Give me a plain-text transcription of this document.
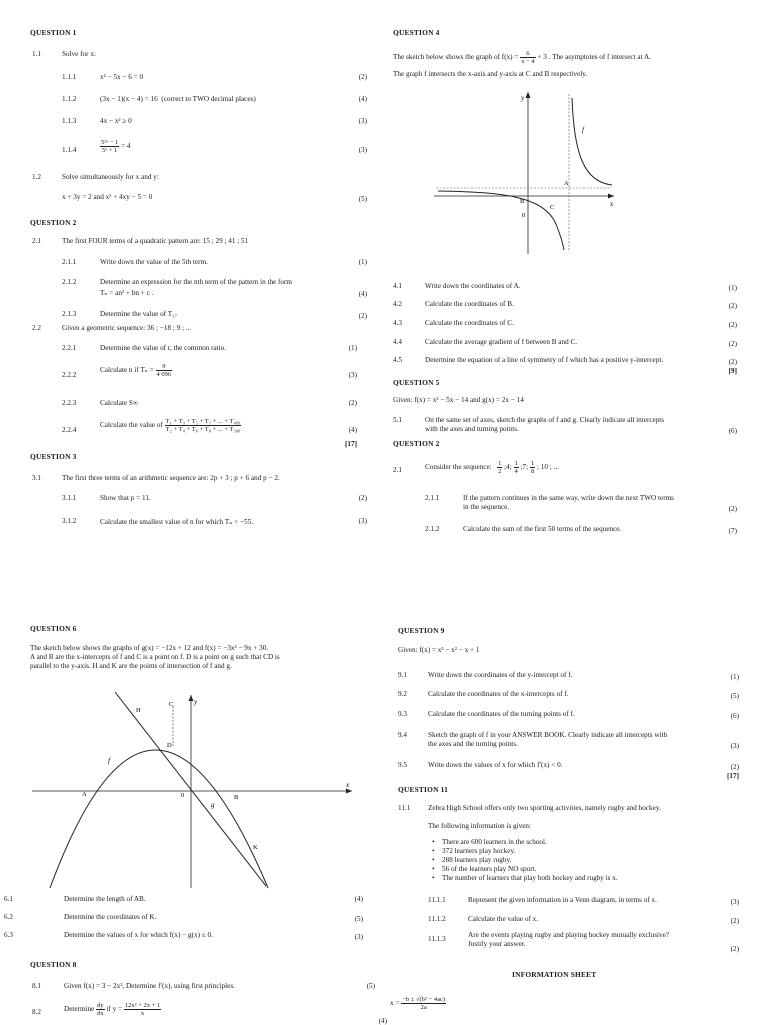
QUESTION 1
1.1	Solve for x:
1.1.1	x² − 5x − 6 = 0	(2)
1.1.2	(3x − 1)(x − 4) = 16 (correct to TWO decimal places)	(4)
1.1.3	4x − x² ≥ 0	(3)
1.1.4	$\frac{\text{5²ˣ − 1}}{\text{5ˣ + 1}} = 4$	(3)
1.2	Solve simultaneously for x and y:
x + 3y = 2 and x² + 4xy − 5 = 0	(5)
QUESTION 2
2.1	The first FOUR terms of a quadratic pattern are: 15 ; 29 ; 41 ; 51
2.1.1	Write down the value of the 5th term.	(1)
2.1.2	Determine an expression for the nth term of the pattern in the form
Tₙ = an² + bn + c .	(4)
2.1.3	Determine the value of T₁₇	(2)
2.2	Given a geometric sequence: 36 ; −18 ; 9 ; ...
2.2.1	Determine the value of r, the common ratio.	(1)
2.2.2
Calculate n if $T_n = \frac{9}{4 096}$	(3)
2.2.3	Calculate S∞	(2)
2.2.4
Calculate the value of $\frac{\text{T₁ + T₃ + T₅ + T₇ + ... + T₄₉₉}}{\text{T₂ + T₄ + T₆ + T₈ + ... + T₅₀₀}}$	(4)
[17]
QUESTION 3
3.1	The first three terms of an arithmetic sequence are: 2p + 3 ; p + 6 and p − 2.
3.1.1	Show that p = 11.	(2)
3.1.2	Calculate the smallest value of n for which Tₙ < −55.	(3)
QUESTION 4
The sketch below shows the graph of $f(x) = \frac{6}{x - 4} + 3$ . The asymptotes of f intersect at A.
The graph f intersects the x-axis and y-axis at C and B respectively.
y
x
f
A
B
C
0
4.1	Write down the coordinates of A.	(1)
4.2	Calculate the coordinates of B.	(2)
4.3	Calculate the coordinates of C.	(2)
4.4	Calculate the average gradient of f between B and C.	(2)
4.5	Determine the equation of a line of symmetry of f which has a positive y-intercept.	(2)
[9]
QUESTION 5
Given: f(x) = x² − 5x − 14 and g(x) = 2x − 14
5.1	On the same set of axes, sketch the graphs of f and g. Clearly indicate all intercepts
with the axes and turning points.	(6)
QUESTION 2
2.1	Consider the sequence: $\frac{1}{2}$ ;4; $\frac{1}{4}$ ;7; $\frac{1}{8}$ ; 10 ; ...
2.1.1	If the pattern continues in the same way, write down the next TWO terms
in the sequence.	(2)
2.1.2	Calculate the sum of the first 50 terms of the sequence.	(7)
QUESTION 6
The sketch below shows the graphs of g(x) = −12x + 12 and f(x) = −3x² − 9x + 30.
A and B are the x-intercepts of f and C is a point on f. D is a point on g such that CD is
parallel to the y-axis. H and K are the points of intersection of f and g.
y
x
f
g
A	B
C
D
H
K
0
6.1	Determine the length of AB.	(4)
6.2	Determine the coordinates of K.	(5)
6.3	Determine the values of x for which f(x) − g(x) ≤ 0.	(3)
QUESTION 8
8.1	Given f(x) = 3 − 2x², Determine f′(x), using first principles.	(5)
8.2	Determine $\frac{dy}{dx}$ if $y = \frac{\text{12x² + 2x + 1}}{x}$
(4)
QUESTION 9
Given: f(x) = x³ − x² − x + 1
9.1	Write down the coordinates of the y-intercept of f.	(1)
9.2	Calculate the coordinates of the x-intercepts of f.	(5)
9.3	Calculate the coordinates of the turning points of f.	(6)
9.4	Sketch the graph of f in your ANSWER BOOK. Clearly indicate all intercepts with
the axes and the turning points.	(3)
9.5	Write down the values of x for which f′(x) < 0.	(2)
[17]
QUESTION 11
11.1 Zebra High School offers only two sporting activities, namely rugby and hockey.
The following information is given:
• There are 600 learners in the school.
• 372 learners play hockey.
• 288 learners play rugby.
• 56 of the learners play NO sport.
• The number of learners that play both hockey and rugby is x.
11.1.1	Represent the given information in a Venn diagram, in terms of x.	(3)
11.1.2	Calculate the value of x.	(2)
11.1.3	Are the events playing rugby and playing hockey mutually exclusive?
Justify your answer.
(2)
INFORMATION SHEET
$x = \frac{\text{−b ± √(b² − 4ac)}}{2a}$
